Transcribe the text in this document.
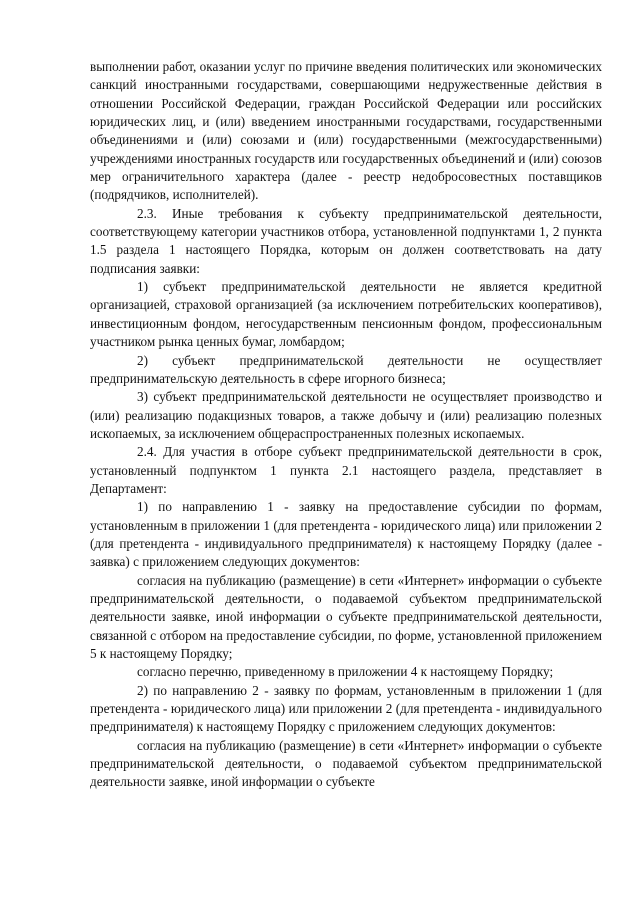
выполнении работ, оказании услуг по причине введения политических или экономических санкций иностранными государствами, совершающими недружественные действия в отношении Российской Федерации, граждан Российской Федерации или российских юридических лиц, и (или) введением иностранными государствами, государственными объединениями и (или) союзами и (или) государственными (межгосударственными) учреждениями иностранных государств или государственных объединений и (или) союзов мер ограничительного характера (далее - реестр недобросовестных поставщиков (подрядчиков, исполнителей).

2.3. Иные требования к субъекту предпринимательской деятельности, соответствующему категории участников отбора, установленной подпунктами 1, 2 пункта 1.5 раздела 1 настоящего Порядка, которым он должен соответствовать на дату подписания заявки:

1) субъект предпринимательской деятельности не является кредитной организацией, страховой организацией (за исключением потребительских кооперативов), инвестиционным фондом, негосударственным пенсионным фондом, профессиональным участником рынка ценных бумаг, ломбардом;

2) субъект предпринимательской деятельности не осуществляет предпринимательскую деятельность в сфере игорного бизнеса;

3) субъект предпринимательской деятельности не осуществляет производство и (или) реализацию подакцизных товаров, а также добычу и (или) реализацию полезных ископаемых, за исключением общераспространенных полезных ископаемых.

2.4. Для участия в отборе субъект предпринимательской деятельности в срок, установленный подпунктом 1 пункта 2.1 настоящего раздела, представляет в Департамент:

1) по направлению 1 - заявку на предоставление субсидии по формам, установленным в приложении 1 (для претендента - юридического лица) или приложении 2 (для претендента - индивидуального предпринимателя) к настоящему Порядку (далее - заявка) с приложением следующих документов:

согласия на публикацию (размещение) в сети «Интернет» информации о субъекте предпринимательской деятельности, о подаваемой субъектом предпринимательской деятельности заявке, иной информации о субъекте предпринимательской деятельности, связанной с отбором на предоставление субсидии, по форме, установленной приложением 5 к настоящему Порядку;

согласно перечню, приведенному в приложении 4 к настоящему Порядку;

2) по направлению 2 - заявку по формам, установленным в приложении 1 (для претендента - юридического лица) или приложении 2 (для претендента - индивидуального предпринимателя) к настоящему Порядку с приложением следующих документов:

согласия на публикацию (размещение) в сети «Интернет» информации о субъекте предпринимательской деятельности, о подаваемой субъектом предпринимательской деятельности заявке, иной информации о субъекте
